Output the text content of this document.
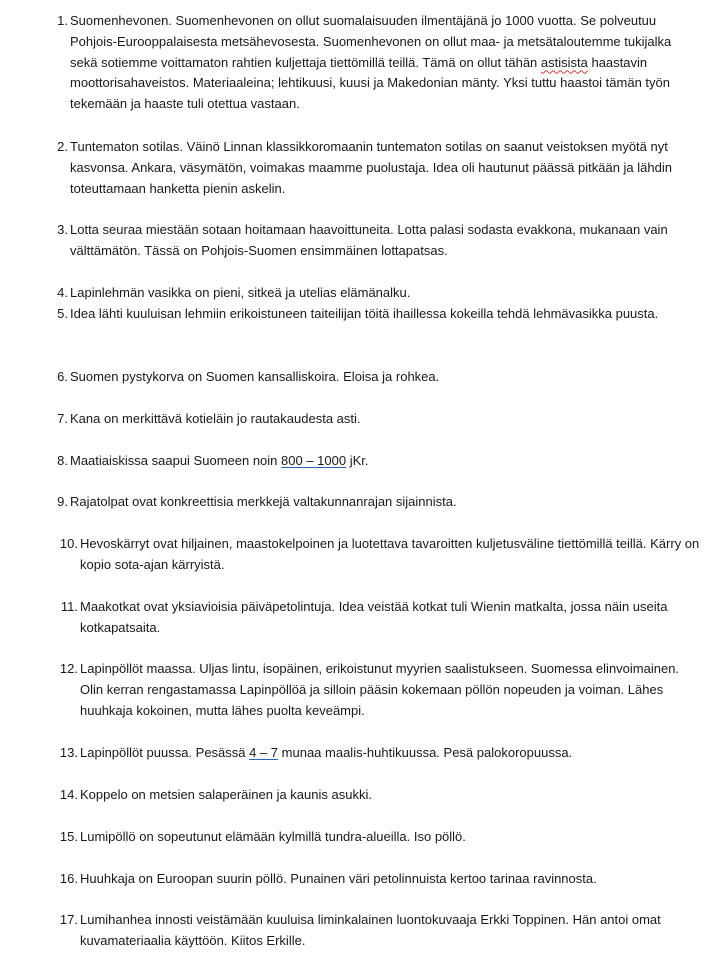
1. Suomenhevonen. Suomenhevonen on ollut suomalaisuuden ilmentäjänä jo 1000 vuotta. Se polveutuu Pohjois-Eurooppalaisesta metsähevosesta. Suomenhevonen on ollut maa- ja metsätaloutemme tukijalka sekä sotiemme voittamaton rahtien kuljettaja tiettömillä teillä. Tämä on ollut tähän astisista haastavin moottorisahaveistos. Materiaaleina; lehtikuusi, kuusi ja Makedonian mänty. Yksi tuttu haastoi tämän työn tekemään ja haaste tuli otettua vastaan.
2. Tuntematon sotilas. Väinö Linnan klassikkoromaanin tuntematon sotilas on saanut veistoksen myötä nyt kasvonsa. Ankara, väsymätön, voimakas maamme puolustaja. Idea oli hautunut päässä pitkään ja lähdin toteuttamaan hanketta pienin askelin.
3. Lotta seuraa miestään sotaan hoitamaan haavoittuneita. Lotta palasi sodasta evakkona, mukanaan vain välttämätön. Tässä on Pohjois-Suomen ensimmäinen lottapatsas.
4. Lapinlehmän vasikka on pieni, sitkeä ja utelias elämänalku.
5. Idea lähti kuuluisan lehmiin erikoistuneen taiteilijan töitä ihaillessa kokeilla tehdä lehmävasikka puusta.
6. Suomen pystykorva on Suomen kansalliskoira. Eloisa ja rohkea.
7. Kana on merkittävä kotieläin jo rautakaudesta asti.
8. Maatiaiskissa saapui Suomeen noin 800 – 1000 jKr.
9. Rajatolpat ovat konkreettisia merkkejä valtakunnanrajan sijainnista.
10. Hevoskärryt ovat hiljainen, maastokelpoinen ja luotettava tavaroitten kuljetusväline tiettömillä teillä. Kärry on kopio sota-ajan kärryistä.
11. Maakotkat ovat yksiavioisia päiväpetolintuja. Idea veistää kotkat tuli Wienin matkalta, jossa näin useita kotkapatsaita.
12. Lapinpöllöt maassa. Uljas lintu, isopäinen, erikoistunut myyrien saalistukseen. Suomessa elinvoimainen. Olin kerran rengastamassa Lapinpöllöä ja silloin pääsin kokemaan pöllön nopeuden ja voiman. Lähes huuhkaja kokoinen, mutta lähes puolta keveämpi.
13. Lapinpöllöt puussa. Pesässä 4 – 7 munaa maalis-huhtikuussa. Pesä palokoropuussa.
14. Koppelo on metsien salaperäinen ja kaunis asukki.
15. Lumipöllö on sopeutunut elämään kylmillä tundra-alueilla. Iso pöllö.
16. Huuhkaja on Euroopan suurin pöllö. Punainen väri petolinnuista kertoo tarinaa ravinnosta.
17. Lumihanhea innosti veistämään kuuluisa liminkalainen luontokuvaaja Erkki Toppinen. Hän antoi omat kuvamateriaalia käyttöön. Kiitos Erkille.
